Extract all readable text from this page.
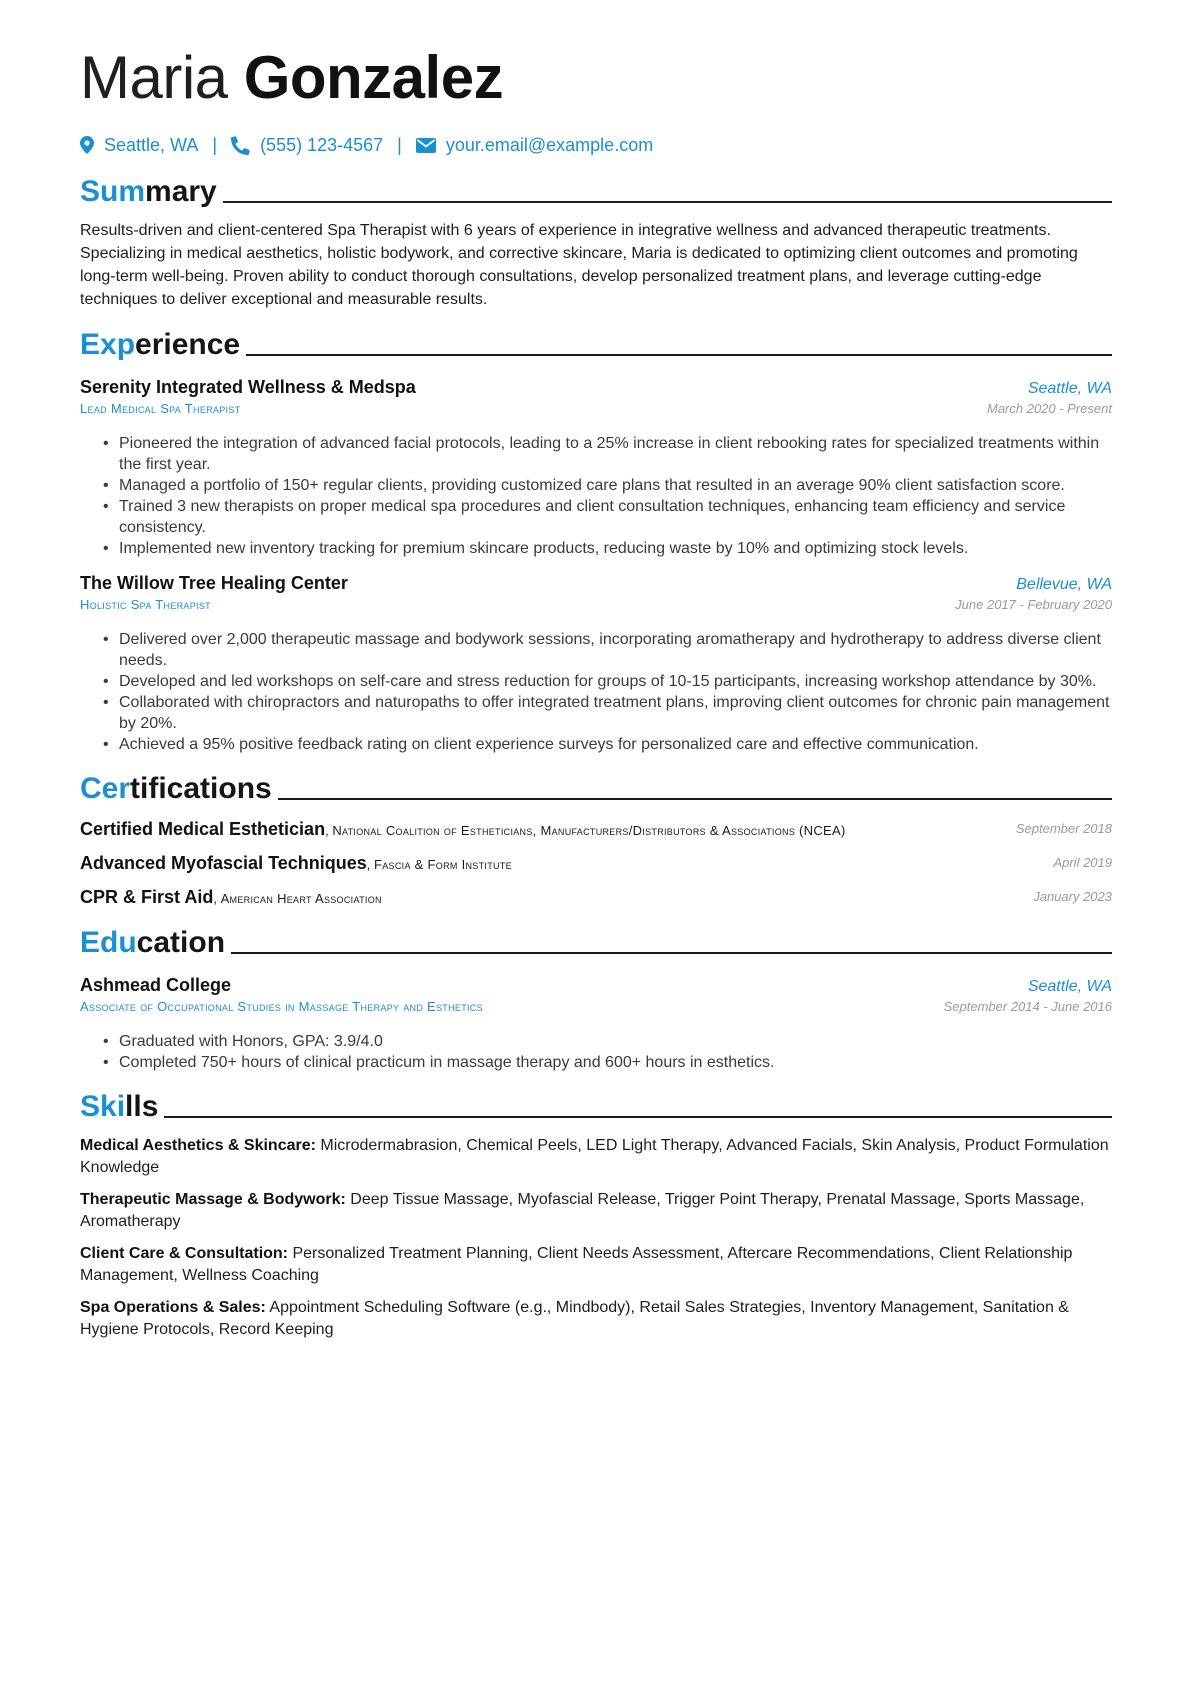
Maria Gonzalez
Seattle, WA | (555) 123-4567 | your.email@example.com
Summary

Results-driven and client-centered Spa Therapist with 6 years of experience in integrative wellness and advanced therapeutic treatments. Specializing in medical aesthetics, holistic bodywork, and corrective skincare, Maria is dedicated to optimizing client outcomes and promoting long-term well-being. Proven ability to conduct thorough consultations, develop personalized treatment plans, and leverage cutting-edge techniques to deliver exceptional and measurable results.

Experience
Serenity Integrated Wellness & Medspa	Seattle, WA
Lead Medical Spa Therapist	March 2020 - Present
• Pioneered the integration of advanced facial protocols, leading to a 25% increase in client rebooking rates for specialized treatments within the first year.
• Managed a portfolio of 150+ regular clients, providing customized care plans that resulted in an average 90% client satisfaction score.
• Trained 3 new therapists on proper medical spa procedures and client consultation techniques, enhancing team efficiency and service consistency.
• Implemented new inventory tracking for premium skincare products, reducing waste by 10% and optimizing stock levels.
The Willow Tree Healing Center	Bellevue, WA
Holistic Spa Therapist	June 2017 - February 2020
• Delivered over 2,000 therapeutic massage and bodywork sessions, incorporating aromatherapy and hydrotherapy to address diverse client needs.
• Developed and led workshops on self-care and stress reduction for groups of 10-15 participants, increasing workshop attendance by 30%.
• Collaborated with chiropractors and naturopaths to offer integrated treatment plans, improving client outcomes for chronic pain management by 20%.
• Achieved a 95% positive feedback rating on client experience surveys for personalized care and effective communication.
Certifications
Certified Medical Esthetician, National Coalition of Estheticians, Manufacturers/Distributors & Associations (NCEA)	September 2018
Advanced Myofascial Techniques, Fascia & Form Institute	April 2019
CPR & First Aid, American Heart Association	January 2023
Education
Ashmead College	Seattle, WA
Associate of Occupational Studies in Massage Therapy and Esthetics	September 2014 - June 2016
• Graduated with Honors, GPA: 3.9/4.0
• Completed 750+ hours of clinical practicum in massage therapy and 600+ hours in esthetics.
Skills
Medical Aesthetics & Skincare: Microdermabrasion, Chemical Peels, LED Light Therapy, Advanced Facials, Skin Analysis, Product Formulation Knowledge
Therapeutic Massage & Bodywork: Deep Tissue Massage, Myofascial Release, Trigger Point Therapy, Prenatal Massage, Sports Massage, Aromatherapy
Client Care & Consultation: Personalized Treatment Planning, Client Needs Assessment, Aftercare Recommendations, Client Relationship Management, Wellness Coaching
Spa Operations & Sales: Appointment Scheduling Software (e.g., Mindbody), Retail Sales Strategies, Inventory Management, Sanitation & Hygiene Protocols, Record Keeping
